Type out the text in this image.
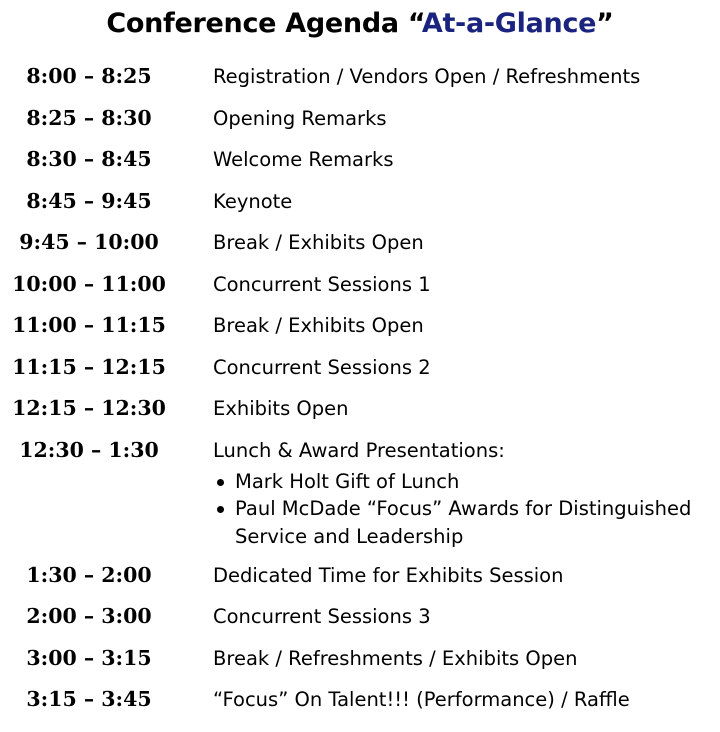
Conference Agenda “At-a-Glance”
8:00 – 8:25	Registration / Vendors Open / Refreshments
8:25 – 8:30	Opening Remarks
8:30 – 8:45	Welcome Remarks
8:45 – 9:45	Keynote
9:45 – 10:00	Break / Exhibits Open
10:00 – 11:00	Concurrent Sessions 1
11:00 – 11:15	Break / Exhibits Open
11:15 – 12:15	Concurrent Sessions 2
12:15 – 12:30	Exhibits Open
12:30 – 1:30	Lunch & Award Presentations:
Mark Holt Gift of Lunch
Paul McDade “Focus” Awards for Distinguished
Service and Leadership
1:30 – 2:00	Dedicated Time for Exhibits Session
2:00 – 3:00	Concurrent Sessions 3
3:00 – 3:15	Break / Refreshments / Exhibits Open
3:15 – 3:45	“Focus” On Talent!!! (Performance) / Raffle
